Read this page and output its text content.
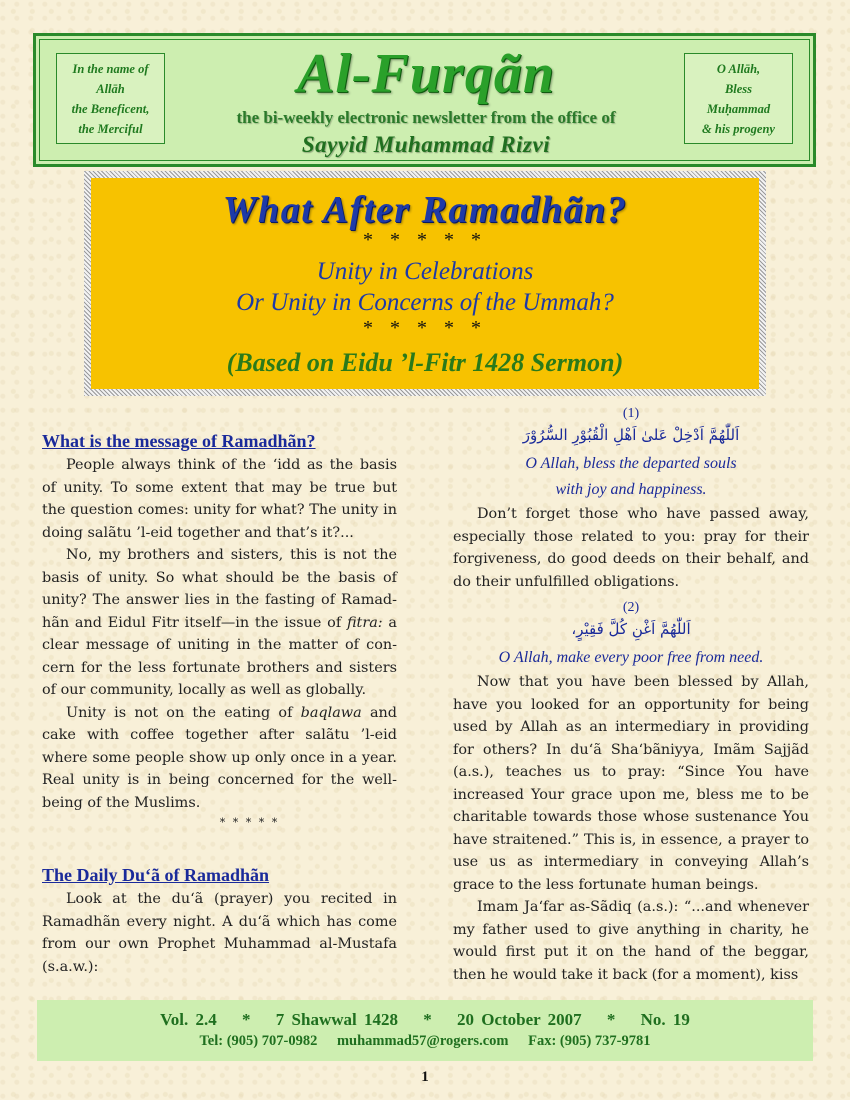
In the name of
Allāh
the Beneficent,
the Merciful
Al-Furqãn
the bi-weekly electronic newsletter from the office of
Sayyid Muhammad Rizvi
O Allāh,
Bless
Muḥammad
& his progeny
What After Ramadhãn?
* * * * *
Unity in Celebrations
Or Unity in Concerns of the Ummah?
* * * * *
(Based on Eidu ’l-Fitr 1428 Sermon)
What is the message of Ramadhãn?

People always think of the ‘idd as the basis of unity. To some extent that may be true but the question comes: unity for what? The unity in doing salãtu ’l-eid together and that’s it?...

No, my brothers and sisters, this is not the basis of unity. So what should be the basis of unity? The answer lies in the fasting of Ramad-hãn and Eidul Fitr itself—in the issue of fitra: a clear message of uniting in the matter of con-cern for the less fortunate brothers and sisters of our community, locally as well as globally.

Unity is not on the eating of baqlawa and cake with coffee together after salãtu ’l-eid where some people show up only once in a year. Real unity is in being concerned for the well-being of the Muslims.

* * * * *
The Daily Du‘ã of Ramadhãn

Look at the du‘ã (prayer) you recited in Ramadhãn every night. A du‘ã which has come from our own Prophet Muhammad al-Mustafa (s.a.w.):

(1)
اَللّٰهُمَّ اَدْخِلْ عَلىٰ اَهْلِ الْقُبُوْرِ السُّرُوْرَ
O Allah, bless the departed souls
with joy and happiness.

Don’t forget those who have passed away, especially those related to you: pray for their forgiveness, do good deeds on their behalf, and do their unfulfilled obligations.

(2)
اَللّٰهُمَّ اَغْنِ كُلَّ فَقِيْرٍ،
O Allah, make every poor free from need.

Now that you have been blessed by Allah, have you looked for an opportunity for being used by Allah as an intermediary in providing for others? In du‘ã Sha‘bãniyya, Imãm Sajjãd (a.s.), teaches us to pray: “Since You have increased Your grace upon me, bless me to be charitable towards those whose sustenance You have straitened.” This is, in essence, a prayer to use us as intermediary in conveying Allah’s grace to the less fortunate human beings.

Imam Ja‘far as-Sãdiq (a.s.): “...and whenever my father used to give anything in charity, he would first put it on the hand of the beggar, then he would take it back (for a moment), kiss

Vol. 2.4 * 7 Shawwal 1428 * 20 October 2007 * No. 19
Tel: (905) 707-0982 muhammad57@rogers.com Fax: (905) 737-9781
1
